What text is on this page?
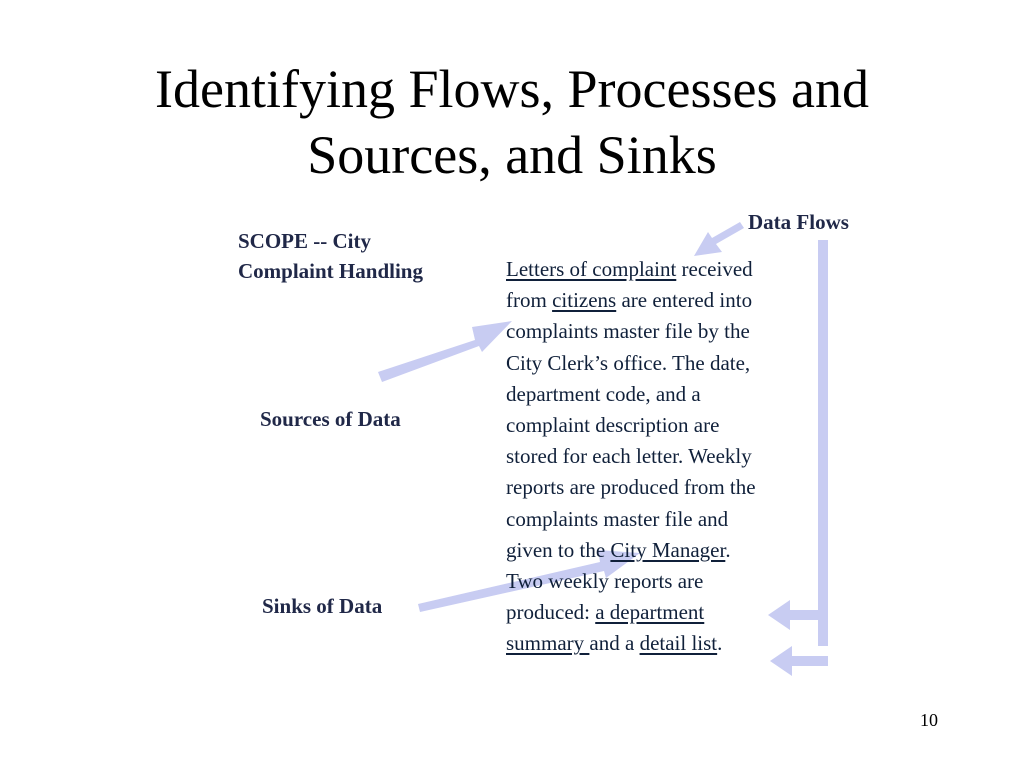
Identifying Flows, Processes and
Sources, and Sinks
SCOPE -- City
Complaint Handling
Sources of Data
Sinks of Data
Data Flows
Letters of complaint received
from citizens are entered into
complaints master file by the
City Clerk’s office. The date,
department code, and a
complaint description are
stored for each letter. Weekly
reports are produced from the
complaints master file and
given to the City Manager.
Two weekly reports are
produced: a department
summary and a detail list.
10
